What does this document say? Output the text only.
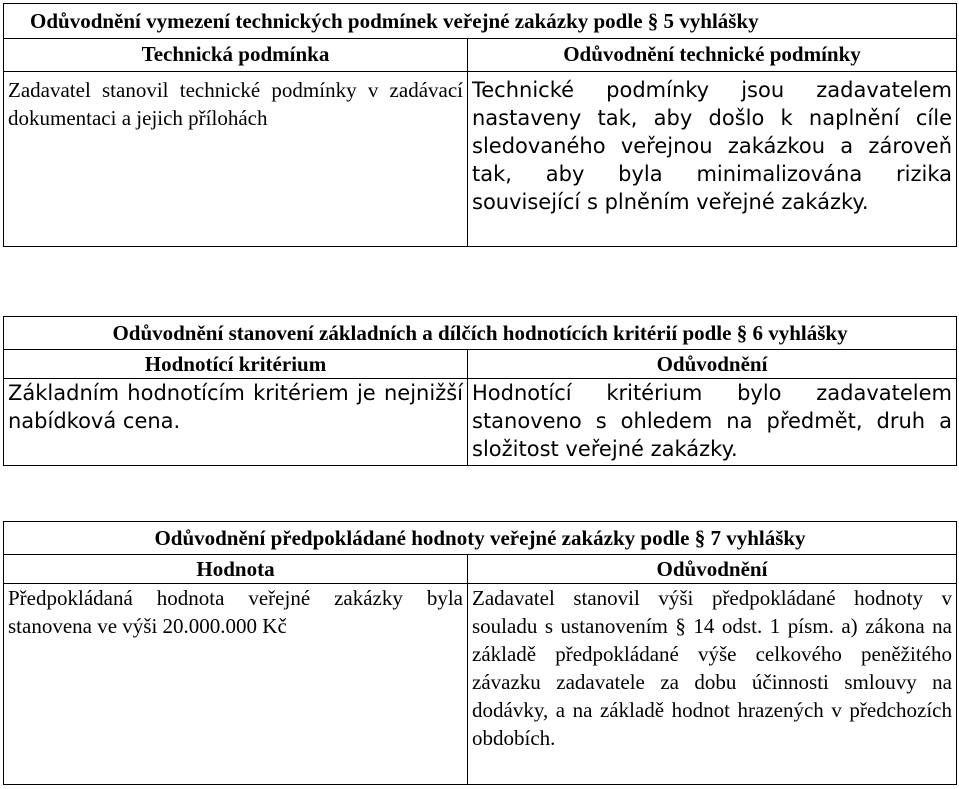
Odůvodnění vymezení technických podmínek veřejné zakázky podle § 5 vyhlášky	
Technická podmínka	Odůvodnění technické podmínky
Zadavatel stanovil technické podmínky v zadávací dokumentaci a jejich přílohách	Technické podmínky jsou zadavatelem nastaveny tak, aby došlo k naplnění cíle sledovaného veřejnou zakázkou a zároveň tak, aby byla minimalizována rizika související s plněním veřejné zakázky.
Odůvodnění stanovení základních a dílčích hodnotících kritérií podle § 6 vyhlášky	
Hodnotící kritérium	Odůvodnění
Základním hodnotícím kritériem je nejnižší nabídková cena.	Hodnotící kritérium bylo zadavatelem stanoveno s ohledem na předmět, druh a složitost veřejné zakázky.
Odůvodnění předpokládané hodnoty veřejné zakázky podle § 7 vyhlášky	
Hodnota	Odůvodnění
Předpokládaná hodnota veřejné zakázky byla stanovena ve výši 20.000.000 Kč	Zadavatel stanovil výši předpokládané hodnoty v souladu s ustanovením § 14 odst. 1 písm. a) zákona na základě předpokládané výše celkového peněžitého závazku zadavatele za dobu účinnosti smlouvy na dodávky, a na základě hodnot hrazených v předchozích obdobích.
